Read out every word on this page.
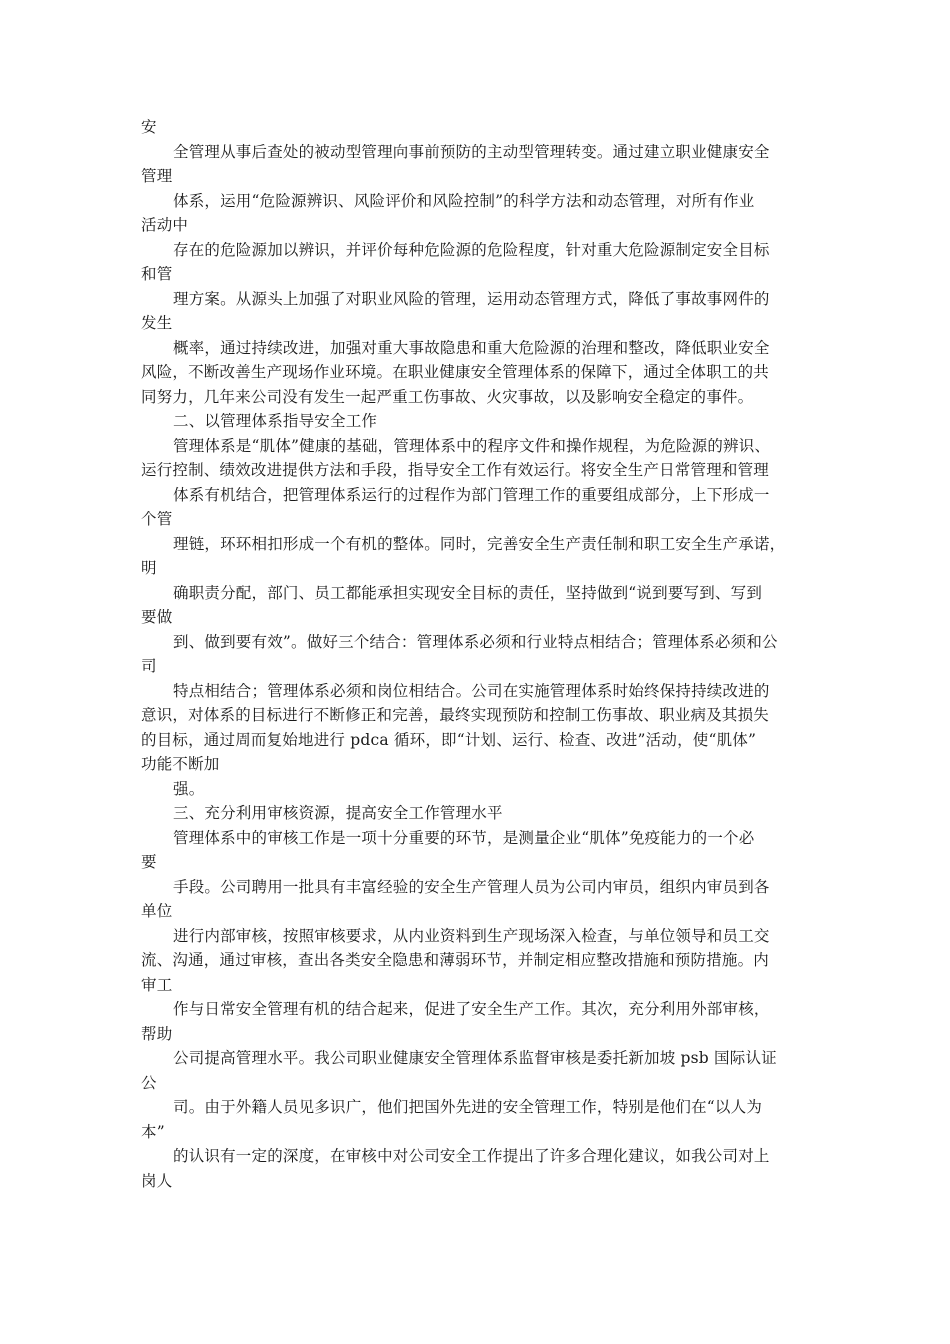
安
全管理从事后查处的被动型管理向事前预防的主动型管理转变。通过建立职业健康安全
管理
体系，运用“危险源辨识、风险评价和风险控制”的科学方法和动态管理，对所有作业
活动中
存在的危险源加以辨识，并评价每种危险源的危险程度，针对重大危险源制定安全目标
和管
理方案。从源头上加强了对职业风险的管理，运用动态管理方式，降低了事故事网件的
发生
概率，通过持续改进，加强对重大事故隐患和重大危险源的治理和整改，降低职业安全
风险，不断改善生产现场作业环境。在职业健康安全管理体系的保障下，通过全体职工的共
同努力，几年来公司没有发生一起严重工伤事故、火灾事故，以及影响安全稳定的事件。
二、以管理体系指导安全工作
管理体系是“肌体”健康的基础，管理体系中的程序文件和操作规程，为危险源的辨识、
运行控制、绩效改进提供方法和手段，指导安全工作有效运行。将安全生产日常管理和管理
体系有机结合，把管理体系运行的过程作为部门管理工作的重要组成部分，上下形成一
个管
理链，环环相扣形成一个有机的整体。同时，完善安全生产责任制和职工安全生产承诺，
明
确职责分配，部门、员工都能承担实现安全目标的责任，坚持做到“说到要写到、写到
要做
到、做到要有效”。做好三个结合：管理体系必须和行业特点相结合；管理体系必须和公
司
特点相结合；管理体系必须和岗位相结合。公司在实施管理体系时始终保持持续改进的
意识，对体系的目标进行不断修正和完善，最终实现预防和控制工伤事故、职业病及其损失
的目标，通过周而复始地进行 pdca 循环，即“计划、运行、检查、改进”活动，使“肌体”
功能不断加
强。
三、充分利用审核资源，提高安全工作管理水平
管理体系中的审核工作是一项十分重要的环节，是测量企业“肌体”免疫能力的一个必
要
手段。公司聘用一批具有丰富经验的安全生产管理人员为公司内审员，组织内审员到各
单位
进行内部审核，按照审核要求，从内业资料到生产现场深入检查，与单位领导和员工交
流、沟通，通过审核，查出各类安全隐患和薄弱环节，并制定相应整改措施和预防措施。内
审工
作与日常安全管理有机的结合起来，促进了安全生产工作。其次，充分利用外部审核，
帮助
公司提高管理水平。我公司职业健康安全管理体系监督审核是委托新加坡 psb 国际认证
公
司。由于外籍人员见多识广，他们把国外先进的安全管理工作，特别是他们在“以人为
本”
的认识有一定的深度，在审核中对公司安全工作提出了许多合理化建议，如我公司对上
岗人
